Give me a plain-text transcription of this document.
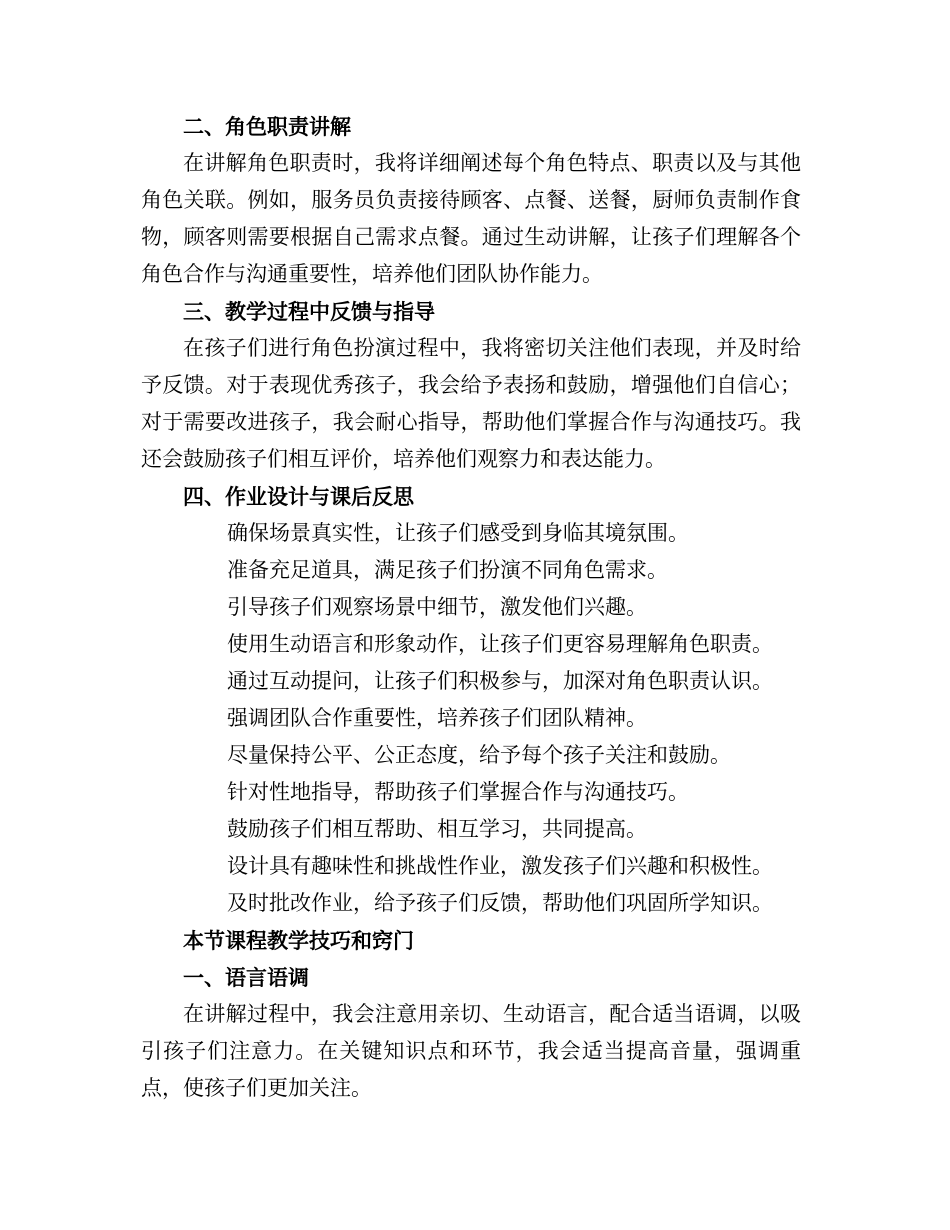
二、角色职责讲解
在讲解角色职责时，我将详细阐述每个角色特点、职责以及与其他角色关联。例如，服务员负责接待顾客、点餐、送餐，厨师负责制作食物，顾客则需要根据自己需求点餐。通过生动讲解，让孩子们理解各个角色合作与沟通重要性，培养他们团队协作能力。
三、教学过程中反馈与指导
在孩子们进行角色扮演过程中，我将密切关注他们表现，并及时给予反馈。对于表现优秀孩子，我会给予表扬和鼓励，增强他们自信心；对于需要改进孩子，我会耐心指导，帮助他们掌握合作与沟通技巧。我还会鼓励孩子们相互评价，培养他们观察力和表达能力。
四、作业设计与课后反思
确保场景真实性，让孩子们感受到身临其境氛围。
准备充足道具，满足孩子们扮演不同角色需求。
引导孩子们观察场景中细节，激发他们兴趣。
使用生动语言和形象动作，让孩子们更容易理解角色职责。
通过互动提问，让孩子们积极参与，加深对角色职责认识。
强调团队合作重要性，培养孩子们团队精神。
尽量保持公平、公正态度，给予每个孩子关注和鼓励。
针对性地指导，帮助孩子们掌握合作与沟通技巧。
鼓励孩子们相互帮助、相互学习，共同提高。
设计具有趣味性和挑战性作业，激发孩子们兴趣和积极性。
及时批改作业，给予孩子们反馈，帮助他们巩固所学知识。
本节课程教学技巧和窍门
一、语言语调
在讲解过程中，我会注意用亲切、生动语言，配合适当语调，以吸引孩子们注意力。在关键知识点和环节，我会适当提高音量，强调重点，使孩子们更加关注。
